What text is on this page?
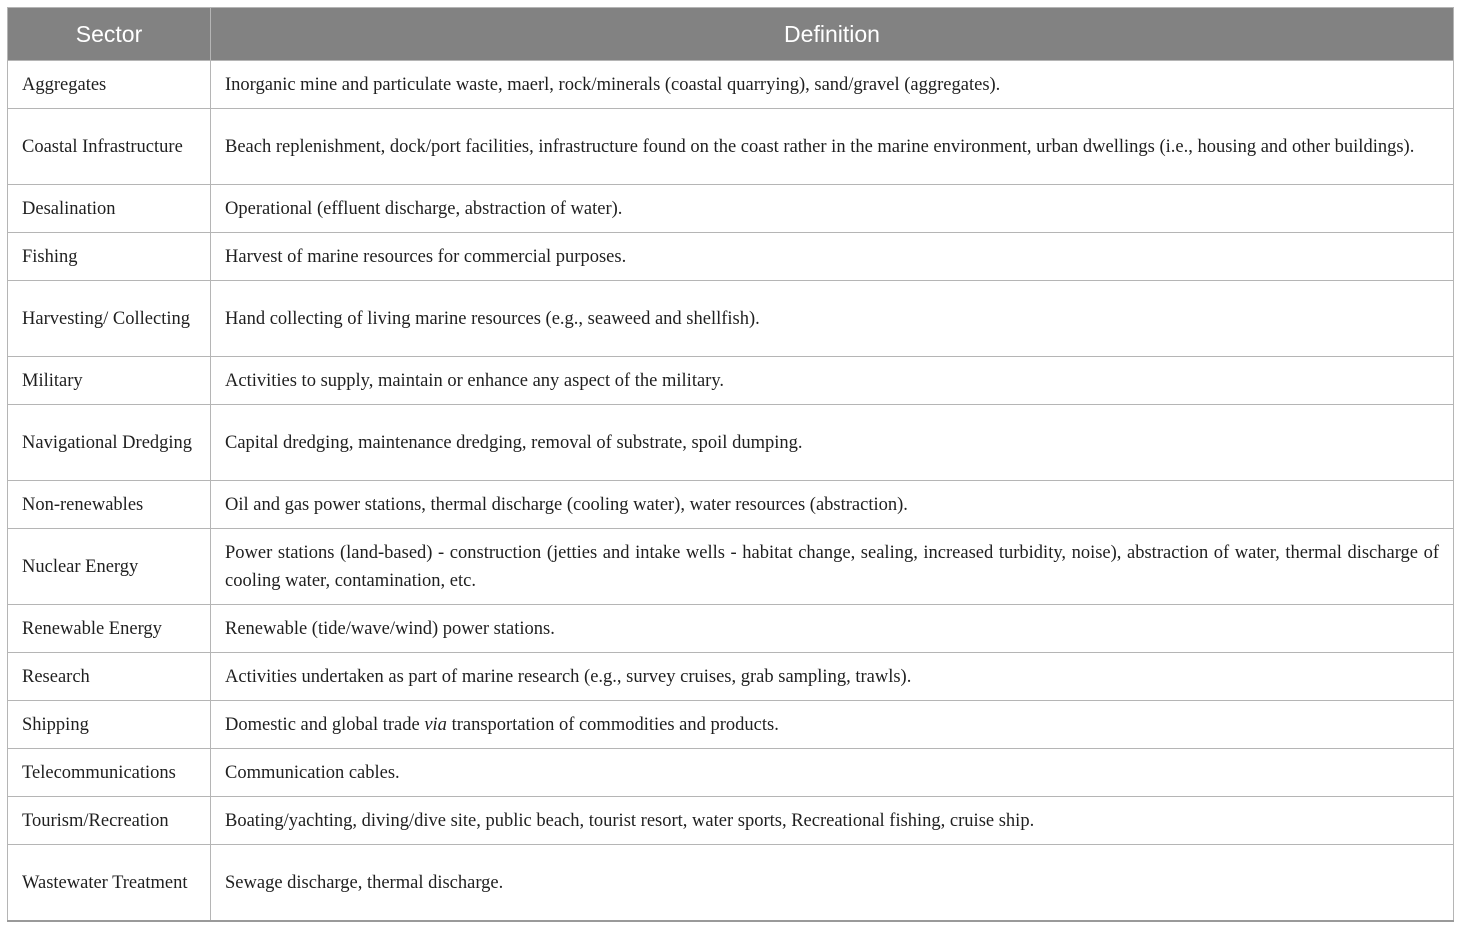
Sector	Definition
Aggregates	Inorganic mine and particulate waste, maerl, rock/minerals (coastal quarrying), sand/gravel (aggregates).
Coastal Infrastructure	Beach replenishment, dock/port facilities, infrastructure found on the coast rather in the marine environment, urban dwellings (i.e., housing and other buildings).
Desalination	Operational (effluent discharge, abstraction of water).
Fishing	Harvest of marine resources for commercial purposes.
Harvesting/ Collecting	Hand collecting of living marine resources (e.g., seaweed and shellfish).
Military	Activities to supply, maintain or enhance any aspect of the military.
Navigational Dredging	Capital dredging, maintenance dredging, removal of substrate, spoil dumping.
Non-renewables	Oil and gas power stations, thermal discharge (cooling water), water resources (abstraction).
Nuclear Energy	Power stations (land-based) - construction (jetties and intake wells - habitat change, sealing, increased turbidity, noise), abstraction of water, thermal discharge of cooling water, contamination, etc.
Renewable Energy	Renewable (tide/wave/wind) power stations.
Research	Activities undertaken as part of marine research (e.g., survey cruises, grab sampling, trawls).
Shipping	Domestic and global trade via transportation of commodities and products.
Telecommunications	Communication cables.
Tourism/Recreation	Boating/yachting, diving/dive site, public beach, tourist resort, water sports, Recreational fishing, cruise ship.
Wastewater Treatment	Sewage discharge, thermal discharge.
